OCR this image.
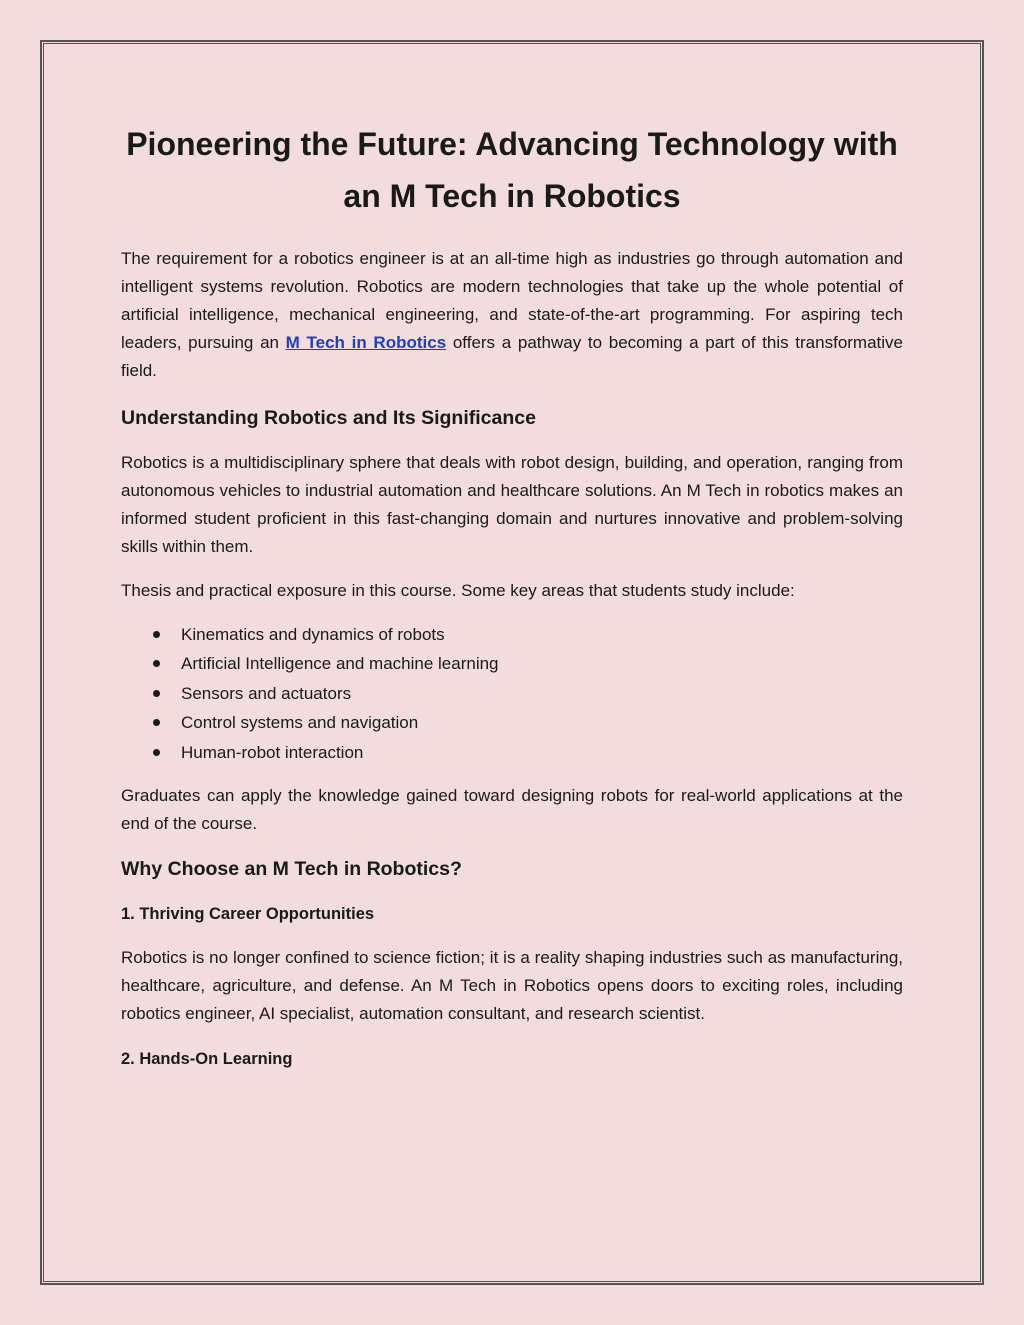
Pioneering the Future: Advancing Technology with an M Tech in Robotics

The requirement for a robotics engineer is at an all-time high as industries go through automation and intelligent systems revolution. Robotics are modern technologies that take up the whole potential of artificial intelligence, mechanical engineering, and state-of-the-art programming. For aspiring tech leaders, pursuing an M Tech in Robotics offers a pathway to becoming a part of this transformative field.

Understanding Robotics and Its Significance

Robotics is a multidisciplinary sphere that deals with robot design, building, and operation, ranging from autonomous vehicles to industrial automation and healthcare solutions. An M Tech in robotics makes an informed student proficient in this fast-changing domain and nurtures innovative and problem-solving skills within them.

Thesis and practical exposure in this course. Some key areas that students study include:

Kinematics and dynamics of robots
Artificial Intelligence and machine learning
Sensors and actuators
Control systems and navigation
Human-robot interaction

Graduates can apply the knowledge gained toward designing robots for real-world applications at the end of the course.

Why Choose an M Tech in Robotics?
1. Thriving Career Opportunities

Robotics is no longer confined to science fiction; it is a reality shaping industries such as manufacturing, healthcare, agriculture, and defense. An M Tech in Robotics opens doors to exciting roles, including robotics engineer, AI specialist, automation consultant, and research scientist.

2. Hands-On Learning
